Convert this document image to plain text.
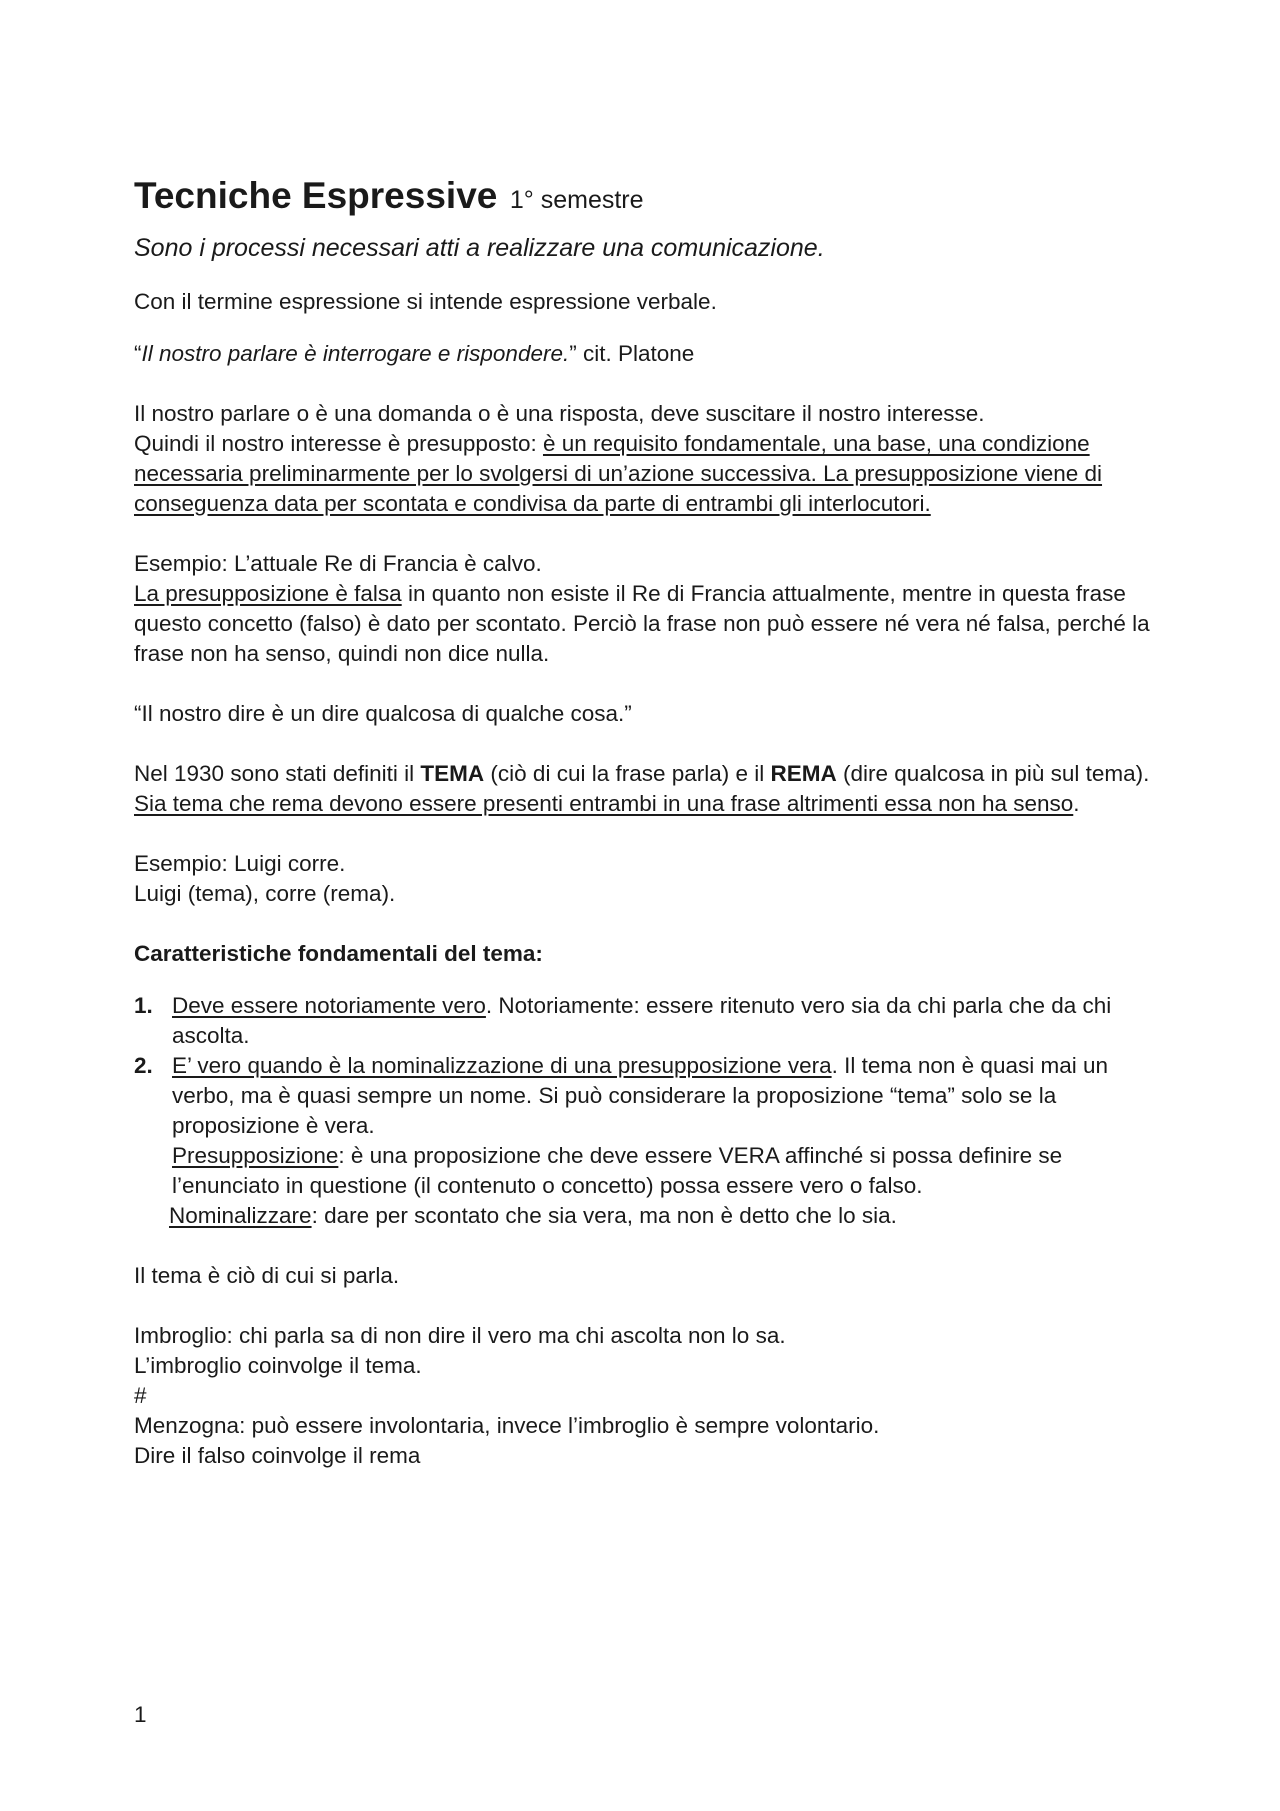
Tecniche Espressive 1° semestre

Sono i processi necessari atti a realizzare una comunicazione.

Con il termine espressione si intende espressione verbale.

“Il nostro parlare è interrogare e rispondere.” cit. Platone

Il nostro parlare o è una domanda o è una risposta, deve suscitare il nostro interesse.
Quindi il nostro interesse è presupposto: è un requisito fondamentale, una base, una condizione necessaria preliminarmente per lo svolgersi di un’azione successiva. La presupposizione viene di conseguenza data per scontata e condivisa da parte di entrambi gli interlocutori.

Esempio: L’attuale Re di Francia è calvo.
La presupposizione è falsa in quanto non esiste il Re di Francia attualmente, mentre in questa frase questo concetto (falso) è dato per scontato. Perciò la frase non può essere né vera né falsa, perché la frase non ha senso, quindi non dice nulla.

“Il nostro dire è un dire qualcosa di qualche cosa.”

Nel 1930 sono stati definiti il TEMA (ciò di cui la frase parla) e il REMA (dire qualcosa in più sul tema).
Sia tema che rema devono essere presenti entrambi in una frase altrimenti essa non ha senso.

Esempio: Luigi corre.
Luigi (tema), corre (rema).

Caratteristiche fondamentali del tema:

1. Deve essere notoriamente vero. Notoriamente: essere ritenuto vero sia da chi parla che da chi ascolta.
2. E’ vero quando è la nominalizzazione di una presupposizione vera. Il tema non è quasi mai un verbo, ma è quasi sempre un nome. Si può considerare la proposizione “tema” solo se la proposizione è vera.
Presupposizione: è una proposizione che deve essere VERA affinché si possa definire se l’enunciato in questione (il contenuto o concetto) possa essere vero o falso.
Nominalizzare: dare per scontato che sia vera, ma non è detto che lo sia.

Il tema è ciò di cui si parla.

Imbroglio: chi parla sa di non dire il vero ma chi ascolta non lo sa.
L’imbroglio coinvolge il tema.
#
Menzogna: può essere involontaria, invece l’imbroglio è sempre volontario.
Dire il falso coinvolge il rema

1
